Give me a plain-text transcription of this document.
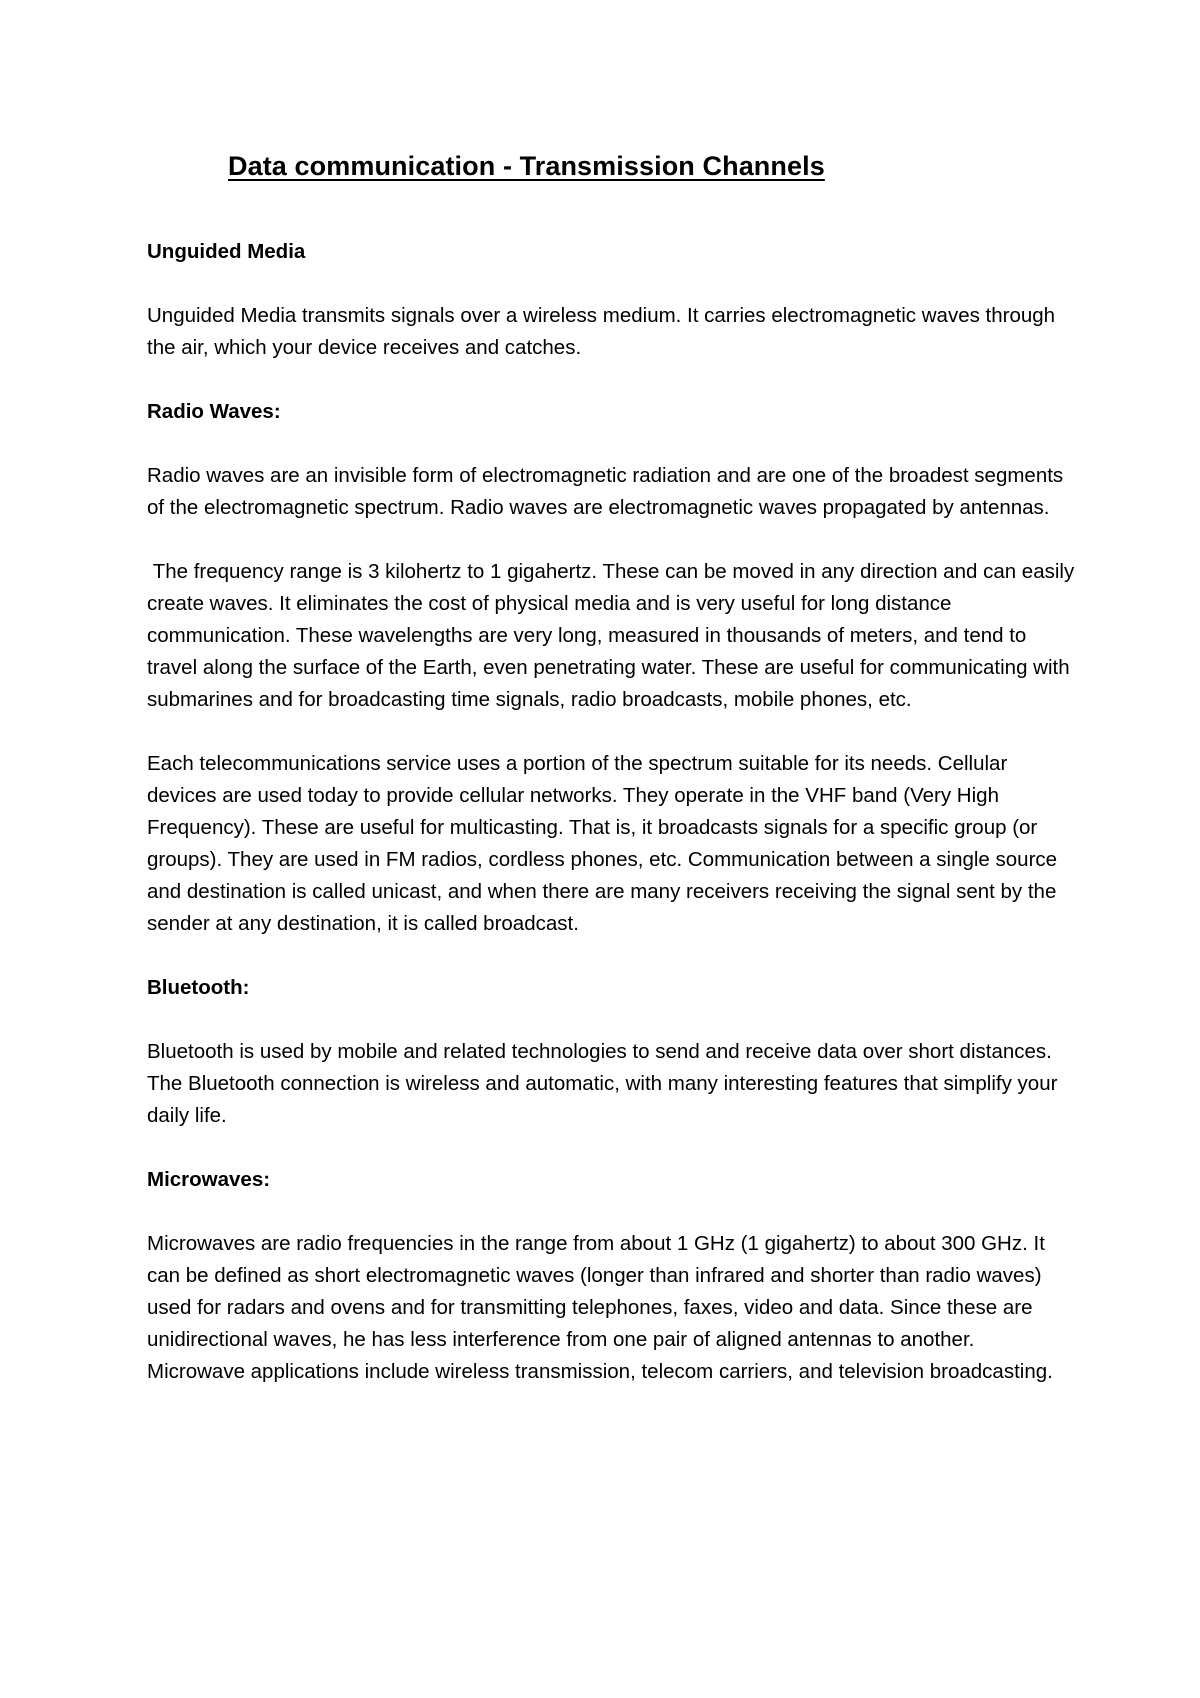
Data communication - Transmission Channels
Unguided Media

Unguided Media transmits signals over a wireless medium. It carries electromagnetic waves through the air, which your device receives and catches.

Radio Waves:

Radio waves are an invisible form of electromagnetic radiation and are one of the broadest segments of the electromagnetic spectrum. Radio waves are electromagnetic waves propagated by antennas.

The frequency range is 3 kilohertz to 1 gigahertz. These can be moved in any direction and can easily create waves. It eliminates the cost of physical media and is very useful for long distance communication. These wavelengths are very long, measured in thousands of meters, and tend to travel along the surface of the Earth, even penetrating water. These are useful for communicating with submarines and for broadcasting time signals, radio broadcasts, mobile phones, etc.

Each telecommunications service uses a portion of the spectrum suitable for its needs. Cellular devices are used today to provide cellular networks. They operate in the VHF band (Very High Frequency). These are useful for multicasting. That is, it broadcasts signals for a specific group (or groups). They are used in FM radios, cordless phones, etc. Communication between a single source and destination is called unicast, and when there are many receivers receiving the signal sent by the sender at any destination, it is called broadcast.

Bluetooth:

Bluetooth is used by mobile and related technologies to send and receive data over short distances. The Bluetooth connection is wireless and automatic, with many interesting features that simplify your daily life.

Microwaves:

Microwaves are radio frequencies in the range from about 1 GHz (1 gigahertz) to about 300 GHz. It can be defined as short electromagnetic waves (longer than infrared and shorter than radio waves) used for radars and ovens and for transmitting telephones, faxes, video and data. Since these are unidirectional waves, he has less interference from one pair of aligned antennas to another. Microwave applications include wireless transmission, telecom carriers, and television broadcasting.
